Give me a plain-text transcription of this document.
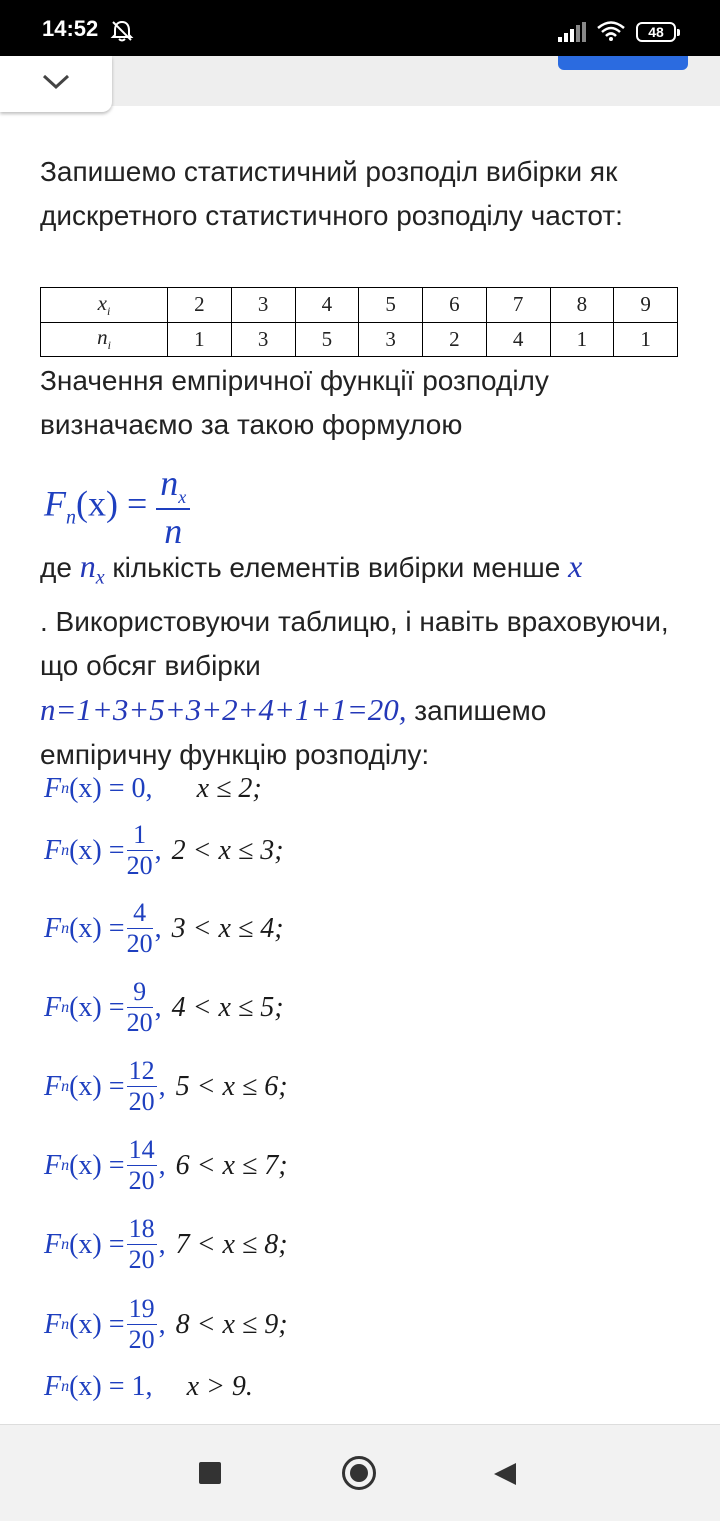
14:52	48

Запишемо статистичний розподіл вибірки як дискретного статистичного розподілу частот:

$x_i$	2	3	4	5	6	7	8	9
$n_i$	1	3	5	3	2	4	1	1

Значення емпіричної функції розподілу визначаємо за такою формулою

$F_n(x) = \frac{n_x}{n}$

де $n_x$ кількість елементів вибірки менше x

. Використовуючи таблицю, і навіть враховуючи, що обсяг вибірки

n=1+3+5+3+2+4+1+1=20, запишемо

емпіричну функцію розподілу:

F n (x) = 0, x ≤ 2;
F n $(x) = \frac{1}{20}$ , 2 < x ≤ 3;
F n $(x) = \frac{4}{20}$ , 3 < x ≤ 4;
F n $(x) = \frac{9}{20}$ , 4 < x ≤ 5;
F n $(x) = \frac{12}{20}$ , 5 < x ≤ 6;
F n $(x) = \frac{14}{20}$ , 6 < x ≤ 7;
F n $(x) = \frac{18}{20}$ , 7 < x ≤ 8;
F n $(x) = \frac{19}{20}$ , 8 < x ≤ 9;
F n (x) = 1, x > 9.
